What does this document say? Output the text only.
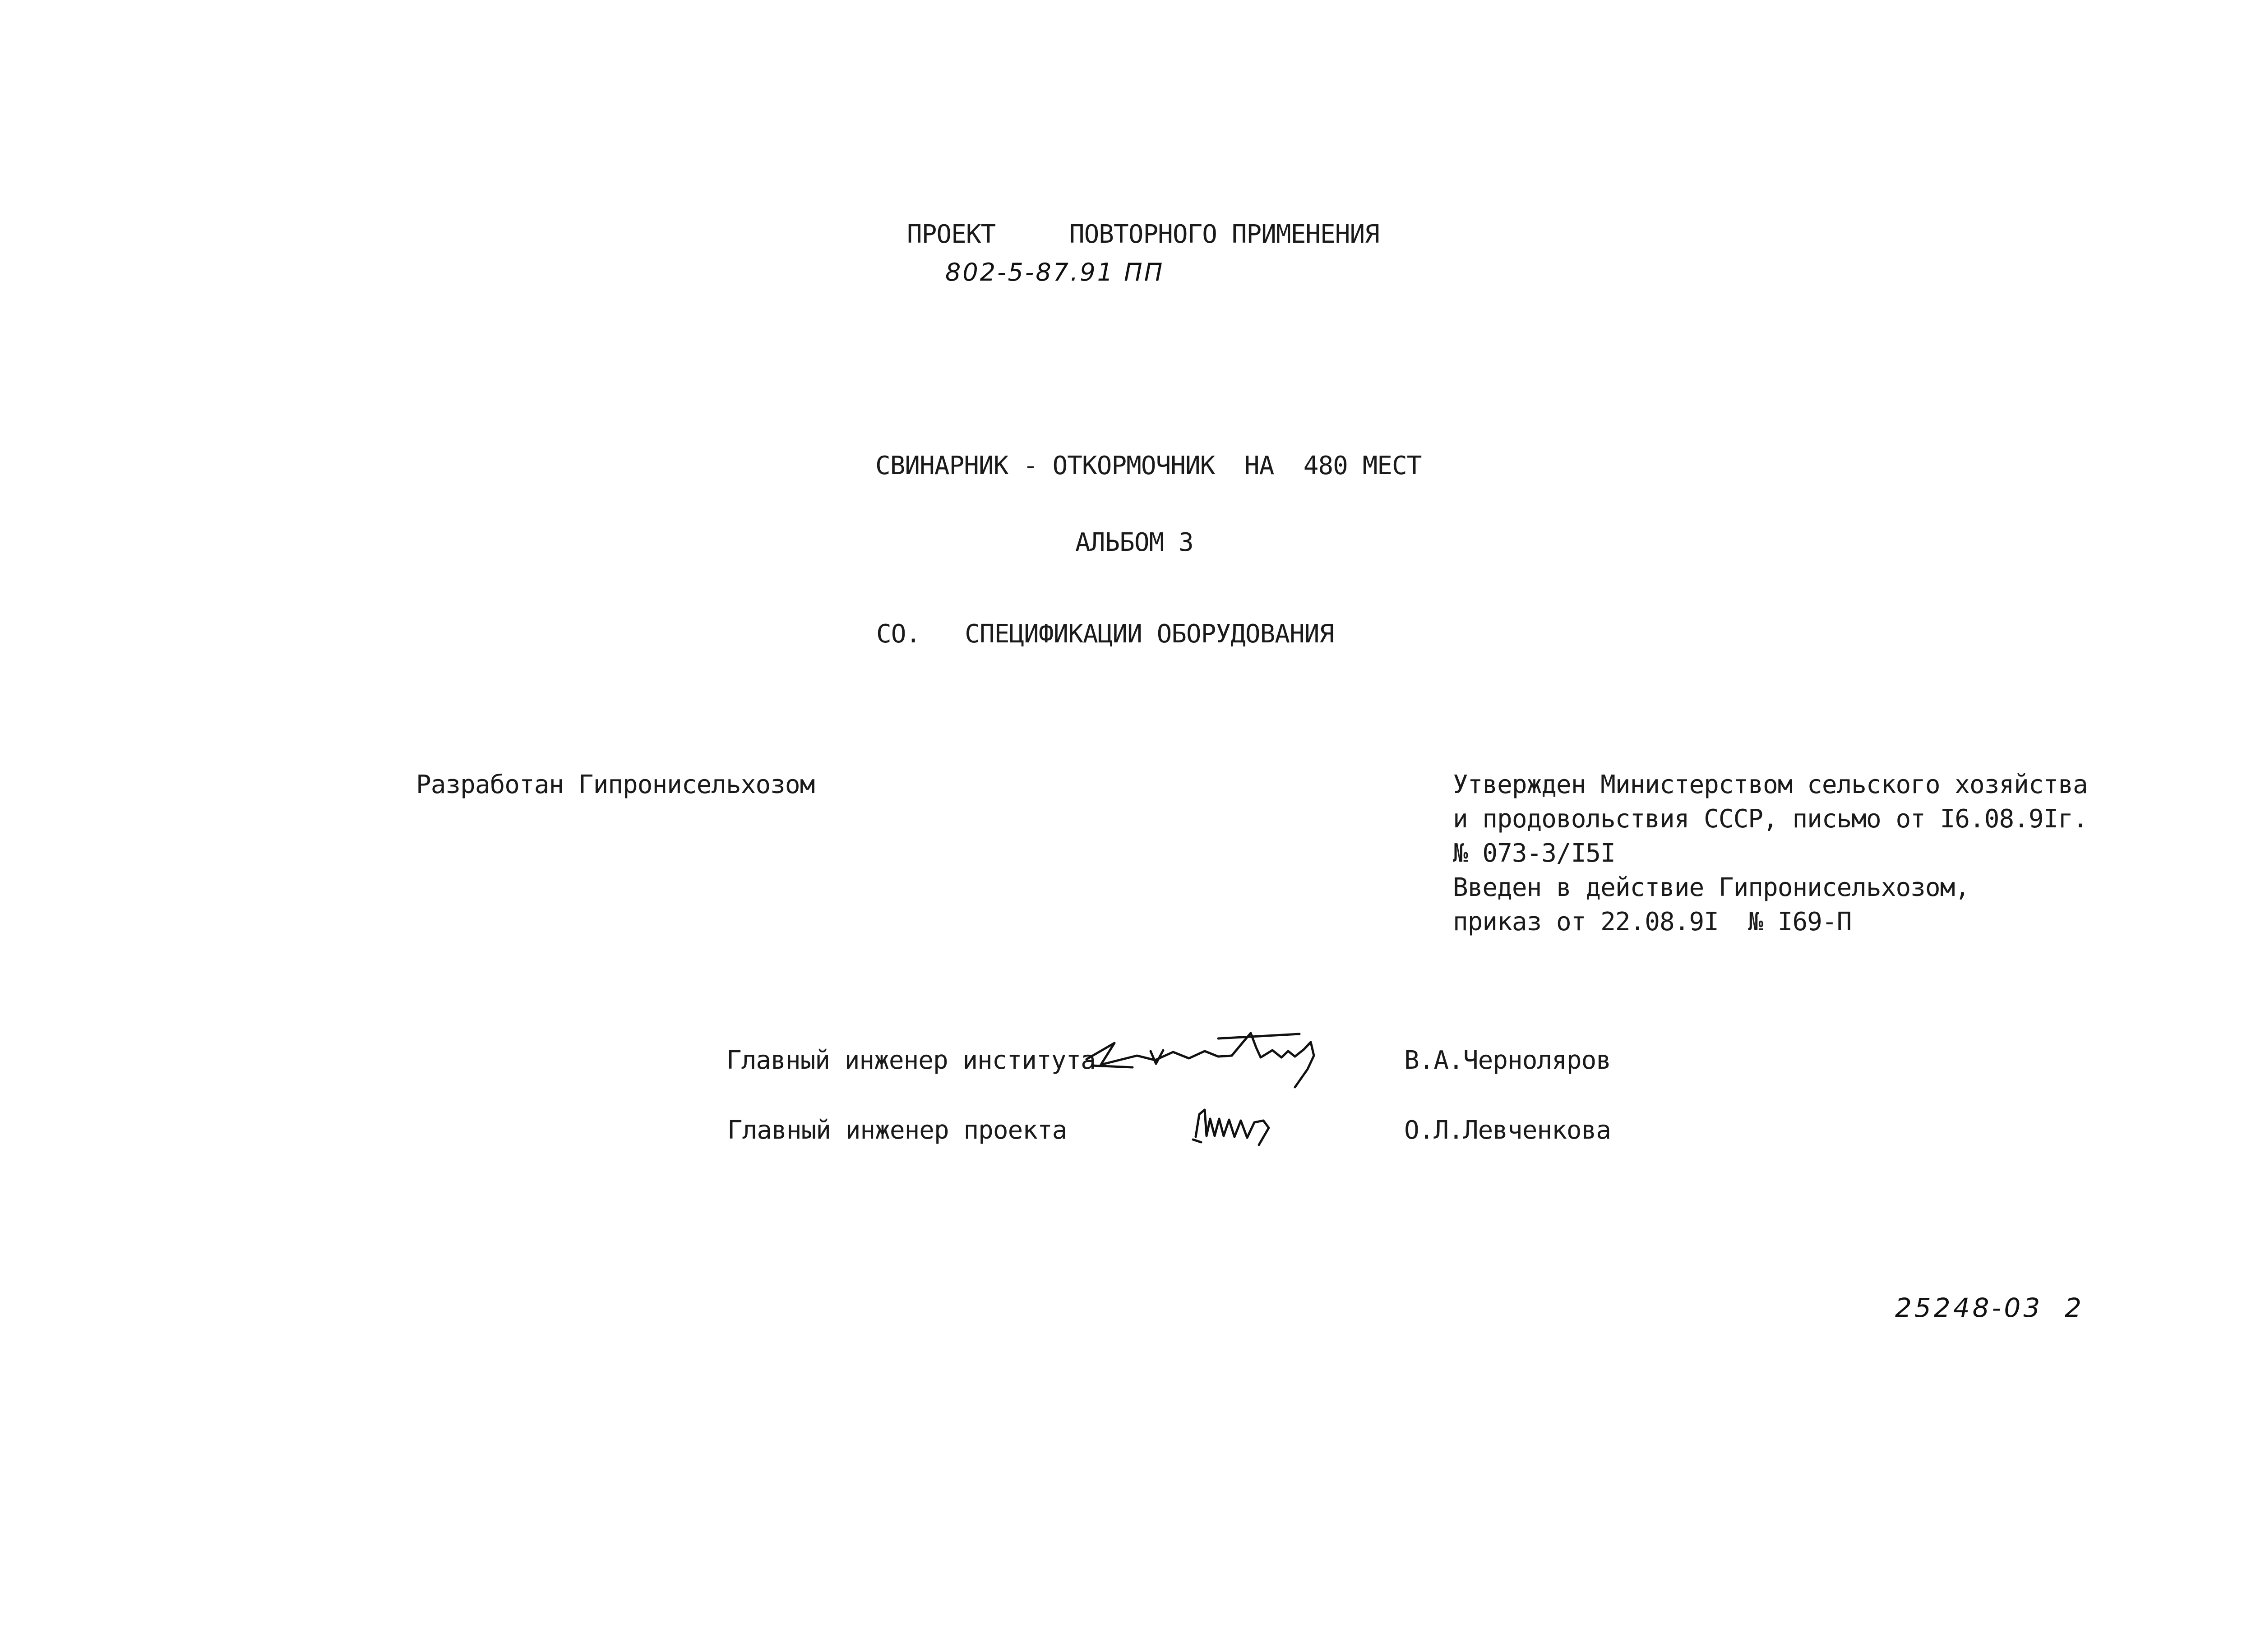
ПРОЕКТ     ПОВТОРНОГО ПРИМЕНЕНИЯ
802-5-87.91 ПП
СВИНАРНИК - ОТКОРМОЧНИК  НА  480 МЕСТ
АЛЬБОМ 3
СО.   СПЕЦИФИКАЦИИ ОБОРУДОВАНИЯ
Разработан Гипронисельхозом	Утвержден Министерством сельского хозяйства
и продовольствия СССР, письмо от I6.08.9Iг.
№ 073-3/I5I
Введен в действие Гипронисельхозом,
приказ от 22.08.9I  № I69-П
Главный инженер института	В.А.Черноляров
Главный инженер проекта	О.Л.Левченкова
25248-03  2
